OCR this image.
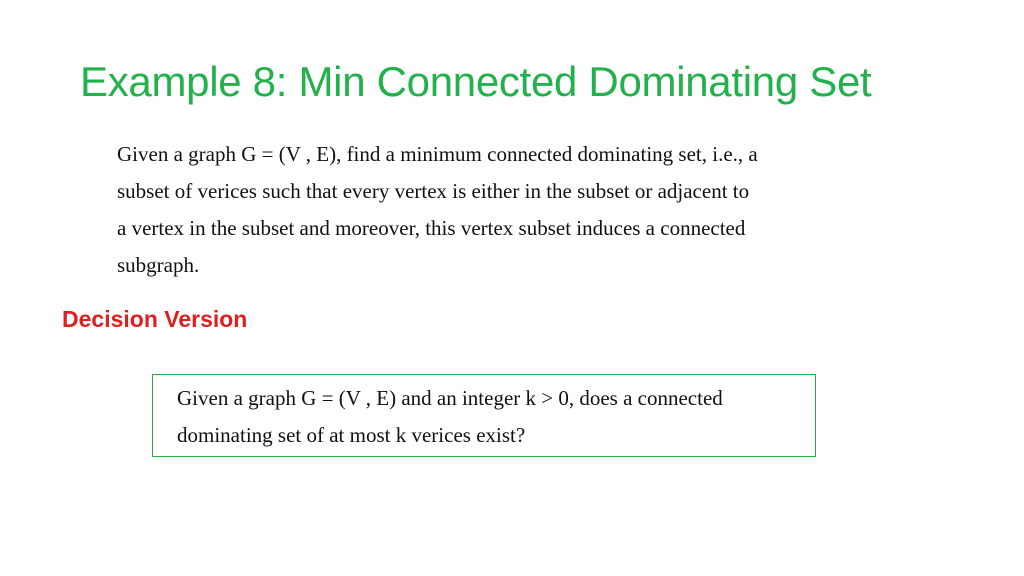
Example 8: Min Connected Dominating Set

Given a graph G = (V , E), find a minimum connected dominating set, i.e., a

subset of verices such that every vertex is either in the subset or adjacent to

a vertex in the subset and moreover, this vertex subset induces a connected

subgraph.

Decision Version

Given a graph G = (V , E) and an integer k > 0, does a connected

dominating set of at most k verices exist?
